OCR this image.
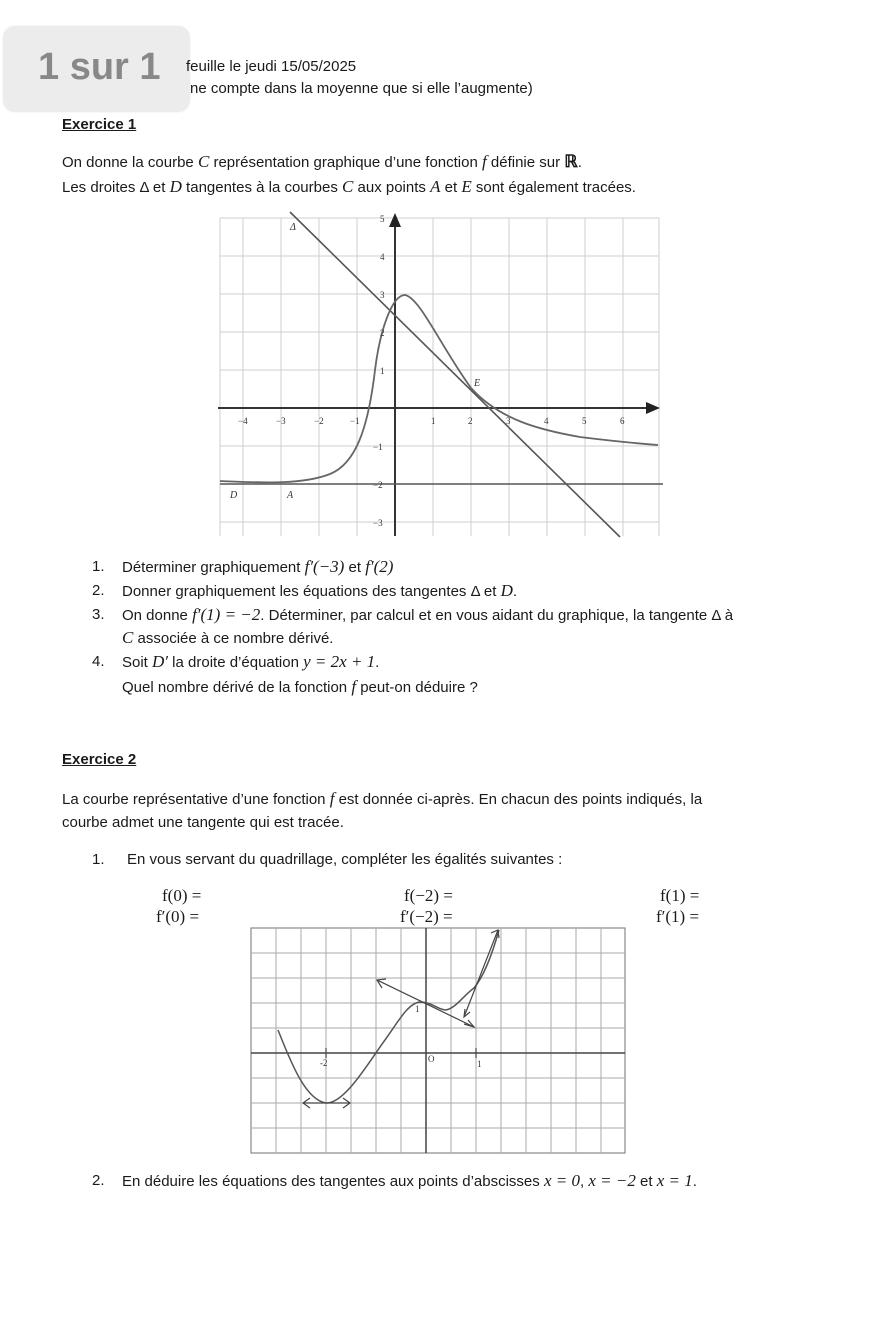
1 sur 1 feuille le jeudi 15/05/2025
ne compte dans la moyenne que si elle l’augmente)
Exercice 1
On donne la courbe C représentation graphique d’une fonction f définie sur ℝ.
Les droites Δ et D tangentes à la courbes C aux points A et E sont également tracées.
−4	−3	−2	−1	1	2	3	4	5	6
5
4
3
2
1
−1
−2
−3
Δ
E
A
D
1. Déterminer graphiquement f′(−3) et f′(2)
2. Donner graphiquement les équations des tangentes Δ et D.
3. On donne f′(1) = −2. Déterminer, par calcul et en vous aidant du graphique, la tangente Δ à
C associée à ce nombre dérivé.
4. Soit D′ la droite d’équation y = 2x + 1.
Quel nombre dérivé de la fonction f peut-on déduire ?
Exercice 2
La courbe représentative d’une fonction f est donnée ci-après. En chacun des points indiqués, la
courbe admet une tangente qui est tracée.
1. En vous servant du quadrillage, compléter les égalités suivantes :
f(0) =
f′(0) =
f(−2) =
f′(−2) =
f(1) =
f′(1) =
-2	O	1
1
2. En déduire les équations des tangentes aux points d’abscisses x = 0, x = −2 et x = 1.
